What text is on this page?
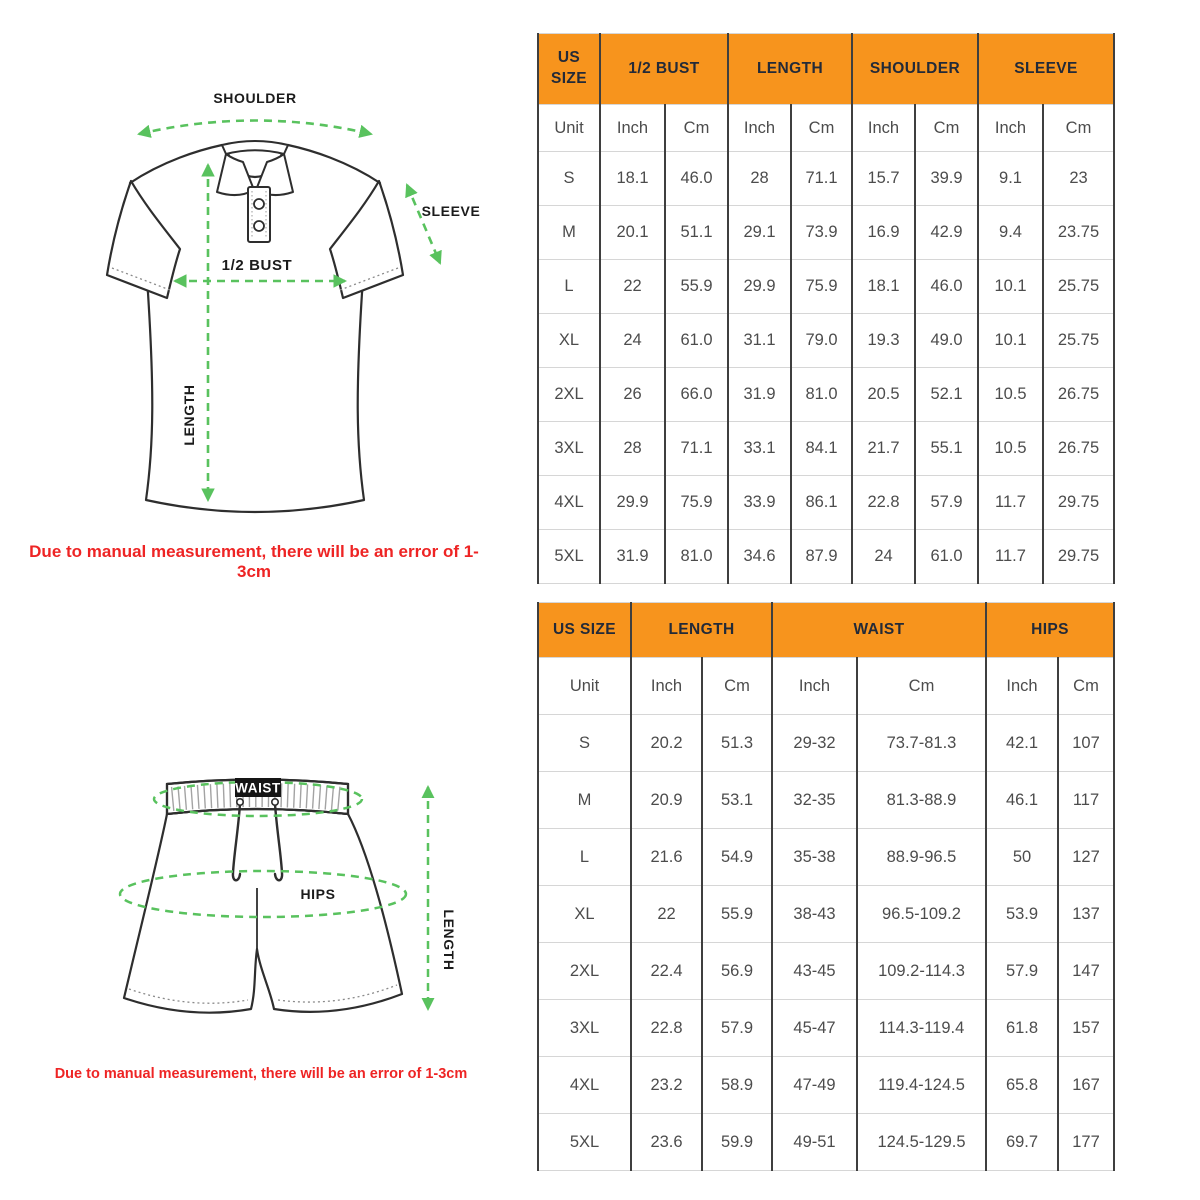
SHOULDER
SLEEVE
1/2 BUST
LENGTH
Due to manual measurement, there will be an error of 1-3cm
WAIST
HIPS
LENGTH
Due to manual measurement, there will be an error of 1-3cm
US SIZE	1/2 BUST		LENGTH		SHOULDER		SLEEVE	
Unit	Inch	Cm	Inch	Cm	Inch	Cm	Inch	Cm
S	18.1	46.0	28	71.1	15.7	39.9	9.1	23
M	20.1	51.1	29.1	73.9	16.9	42.9	9.4	23.75
L	22	55.9	29.9	75.9	18.1	46.0	10.1	25.75
XL	24	61.0	31.1	79.0	19.3	49.0	10.1	25.75
2XL	26	66.0	31.9	81.0	20.5	52.1	10.5	26.75
3XL	28	71.1	33.1	84.1	21.7	55.1	10.5	26.75
4XL	29.9	75.9	33.9	86.1	22.8	57.9	11.7	29.75
5XL	31.9	81.0	34.6	87.9	24	61.0	11.7	29.75
US SIZE	LENGTH		WAIST		HIPS	
Unit	Inch	Cm	Inch	Cm	Inch	Cm
S	20.2	51.3	29-32	73.7-81.3	42.1	107
M	20.9	53.1	32-35	81.3-88.9	46.1	117
L	21.6	54.9	35-38	88.9-96.5	50	127
XL	22	55.9	38-43	96.5-109.2	53.9	137
2XL	22.4	56.9	43-45	109.2-114.3	57.9	147
3XL	22.8	57.9	45-47	114.3-119.4	61.8	157
4XL	23.2	58.9	47-49	119.4-124.5	65.8	167
5XL	23.6	59.9	49-51	124.5-129.5	69.7	177
